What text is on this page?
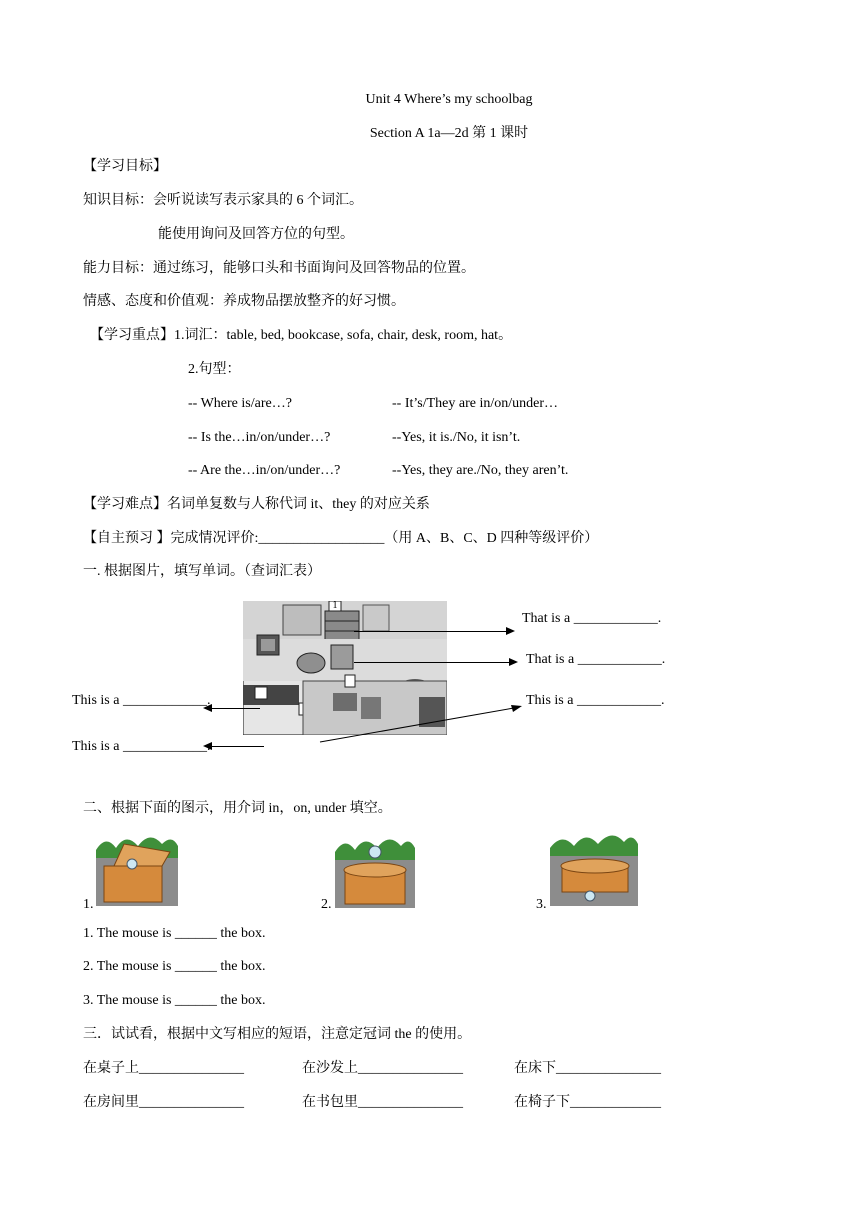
Unit 4 Where’s my schoolbag
Section A 1a—2d 第 1 课时
【学习目标】
知识目标：会听说读写表示家具的 6 个词汇。
能使用询问及回答方位的句型。
能力目标：通过练习，能够口头和书面询问及回答物品的位置。
情感、态度和价值观：养成物品摆放整齐的好习惯。
【学习重点】1.词汇：table, bed, bookcase, sofa, chair, desk, room, hat。
2.句型：
-- Where is/are…?	-- It’s/They are in/on/under…
-- Is the…in/on/under…?	--Yes, it is./No, it isn’t.
-- Are the…in/on/under…?	--Yes, they are./No, they aren’t.
【学习难点】名词单复数与人称代词 it、they 的对应关系
【自主预习 】完成情况评价:__________________（用 A、B、C、D 四种等级评价）
一. 根据图片，填写单词。（查词汇表）
1
That is a ____________.
That is a ____________.
This is a ____________.
This is a ____________.
This is a ____________.
二、根据下面的图示，用介词 in，on, under 填空。
1.	2.	3.
1. The mouse is ______ the box.
2. The mouse is ______ the box.
3. The mouse is ______ the box.
三．试试看，根据中文写相应的短语，注意定冠词 the 的使用。
在桌子上_______________	在沙发上_______________	在床下_______________
在房间里_______________	在书包里_______________	在椅子下_____________
